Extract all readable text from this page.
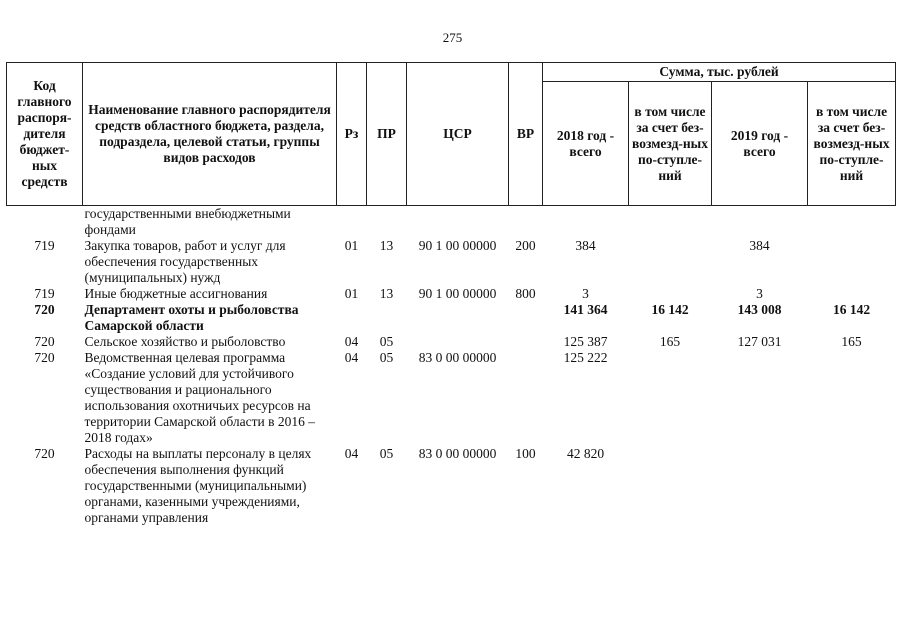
275
Код главного распоря-дителя бюджет-ных средств	Наименование главного распорядителя средств областного бюджета, раздела, подраздела, целевой статьи, группы видов расходов	Рз	ПР	ЦСР	ВР	Сумма, тыс. рублей			
						2018 год - всего	в том числе за счет без-возмезд-ных по-ступле-ний	2019 год - всего	в том числе за счет без-возмезд-ных по-ступле-ний
	государственными внебюджетными фондами								
719	Закупка товаров, работ и услуг для обеспечения государственных (муниципальных) нужд	01	13	90 1 00 00000	200	384		384	
719	Иные бюджетные ассигнования	01	13	90 1 00 00000	800	3		3	
720	Департамент охоты и рыболовства Самарской области					141 364	16 142	143 008	16 142
720	Сельское хозяйство и рыболовство	04	05			125 387	165	127 031	165
720	Ведомственная целевая программа «Создание условий для устойчивого существования и рационального использования охотничьих ресурсов на территории Самарской области в 2016 – 2018 годах»	04	05	83 0 00 00000		125 222			
720	Расходы на выплаты персоналу в целях обеспечения выполнения функций государственными (муниципальными) органами, казенными учреждениями, органами управления	04	05	83 0 00 00000	100	42 820			
